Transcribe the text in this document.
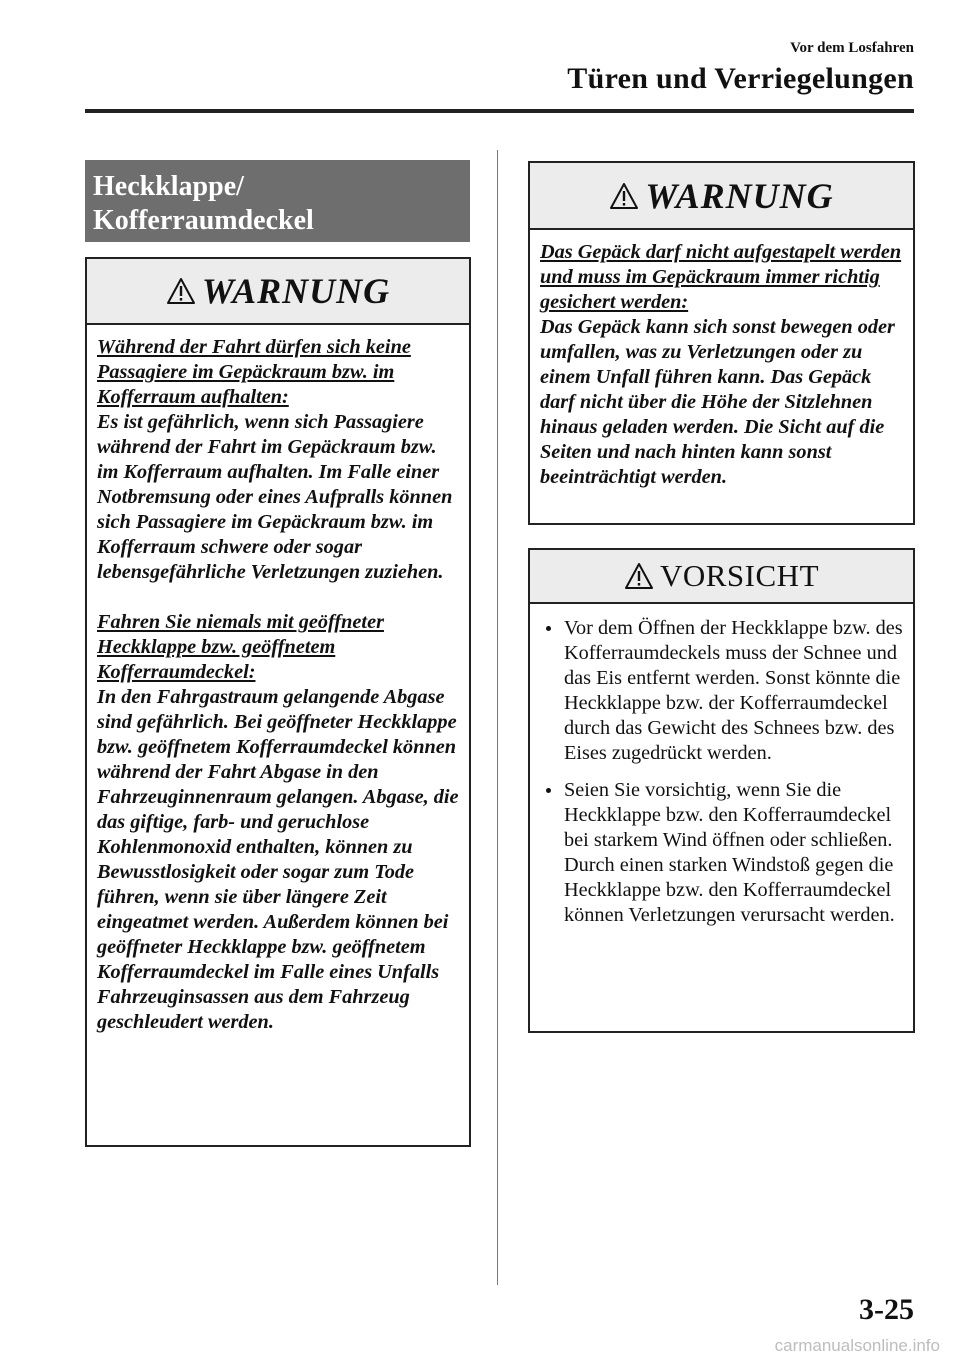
Vor dem Losfahren
Türen und Verriegelungen
Heckklappe/
Kofferraumdeckel
WARNUNG

Während der Fahrt dürfen sich keine Passagiere im Gepäckraum bzw. im Kofferraum aufhalten:

Es ist gefährlich, wenn sich Passagiere während der Fahrt im Gepäckraum bzw. im Kofferraum aufhalten. Im Falle einer Notbremsung oder eines Aufpralls können sich Passagiere im Gepäckraum bzw. im Kofferraum schwere oder sogar lebensgefährliche Verletzungen zuziehen.

Fahren Sie niemals mit geöffneter Heckklappe bzw. geöffnetem Kofferraumdeckel:

In den Fahrgastraum gelangende Abgase sind gefährlich. Bei geöffneter Heckklappe bzw. geöffnetem Kofferraumdeckel können während der Fahrt Abgase in den Fahrzeuginnenraum gelangen. Abgase, die das giftige, farb- und geruchlose Kohlenmonoxid enthalten, können zu Bewusstlosigkeit oder sogar zum Tode führen, wenn sie über längere Zeit eingeatmet werden. Außerdem können bei geöffneter Heckklappe bzw. geöffnetem Kofferraumdeckel im Falle eines Unfalls Fahrzeuginsassen aus dem Fahrzeug geschleudert werden.

WARNUNG

Das Gepäck darf nicht aufgestapelt werden und muss im Gepäckraum immer richtig gesichert werden:

Das Gepäck kann sich sonst bewegen oder umfallen, was zu Verletzungen oder zu einem Unfall führen kann. Das Gepäck darf nicht über die Höhe der Sitzlehnen hinaus geladen werden. Die Sicht auf die Seiten und nach hinten kann sonst beeinträchtigt werden.

VORSICHT
Vor dem Öffnen der Heckklappe bzw. des Kofferraumdeckels muss der Schnee und das Eis entfernt werden. Sonst könnte die Heckklappe bzw. der Kofferraumdeckel durch das Gewicht des Schnees bzw. des Eises zugedrückt werden.
Seien Sie vorsichtig, wenn Sie die Heckklappe bzw. den Kofferraumdeckel bei starkem Wind öffnen oder schließen. Durch einen starken Windstoß gegen die Heckklappe bzw. den Kofferraumdeckel können Verletzungen verursacht werden.
3-25
carmanualsonline.info
